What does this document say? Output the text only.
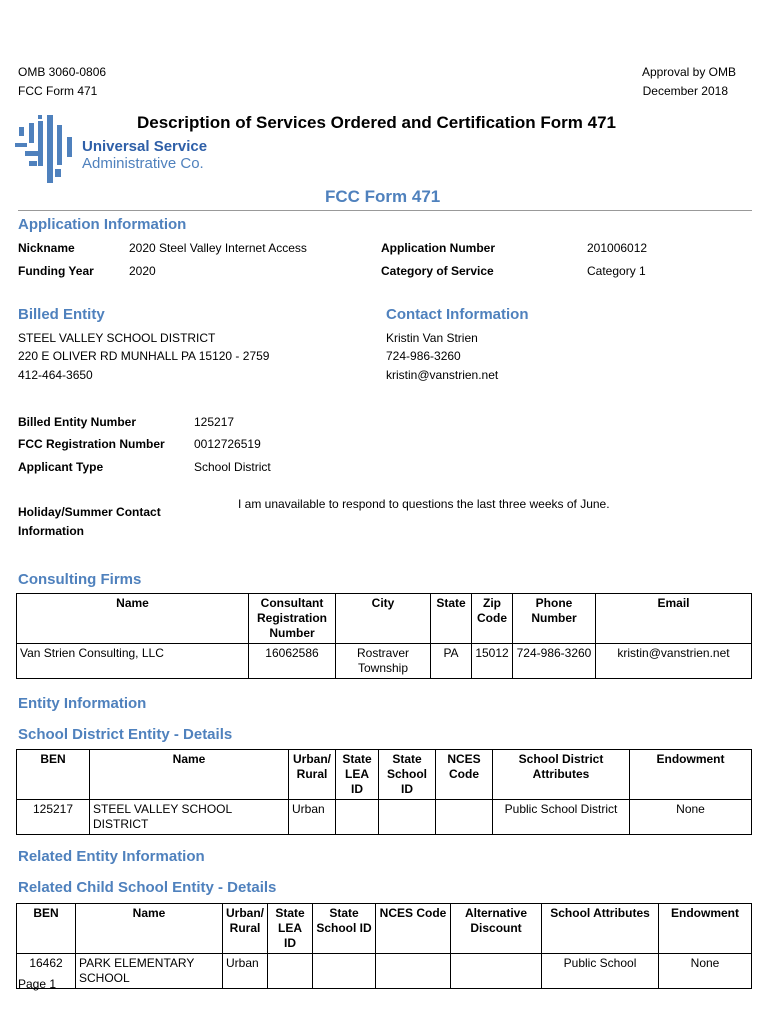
OMB 3060-0806
FCC Form 471
Approval by OMB
December 2018
Description of Services Ordered and Certification Form 471
Universal Service
Administrative Co.
FCC Form 471
Application Information
Nickname	2020 Steel Valley Internet Access
Funding Year	2020
Application Number	201006012
Category of Service	Category 1
Billed Entity
STEEL VALLEY SCHOOL DISTRICT
220 E OLIVER RD MUNHALL PA 15120 - 2759
412-464-3650
Contact Information
Kristin Van Strien
724-986-3260
kristin@vanstrien.net
Billed Entity Number	125217
FCC Registration Number 0012726519
Applicant Type	School District
Holiday/Summer Contact
Information
I am unavailable to respond to questions the last three weeks of June.
Consulting Firms
Name	Consultant Registration Number	City	State	Zip Code	Phone Number	Email
Van Strien Consulting, LLC	16062586	Rostraver Township	PA	15012	724-986-3260	kristin@vanstrien.net
Entity Information
School District Entity - Details
BEN	Name	Urban/ Rural	State LEA ID	State School ID	NCES Code	School District Attributes	Endowment
125217	STEEL VALLEY SCHOOL DISTRICT	Urban				Public School District	None
Related Entity Information
Related Child School Entity - Details
BEN	Name	Urban/ Rural	State LEA ID	State School ID	NCES Code	Alternative Discount	School Attributes	Endowment
16462	PARK ELEMENTARY SCHOOL	Urban					Public School	None
Page 1
